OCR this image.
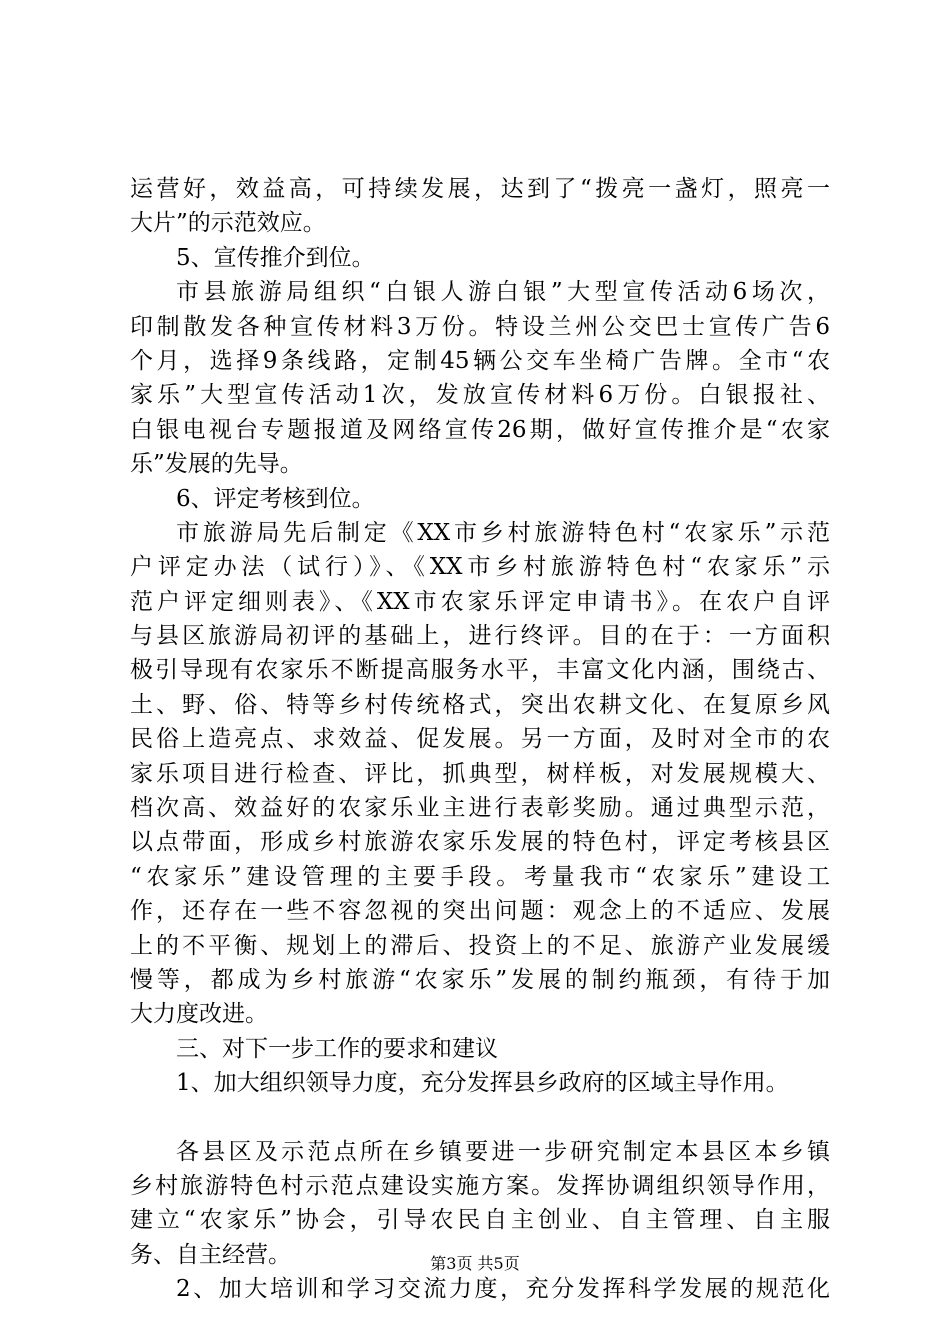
运营好，效益高，可持续发展，达到了“拨亮一盏灯，照亮一
大片”的示范效应。
5、宣传推介到位。
市县旅游局组织“白银人游白银”大型宣传活动6场次，
印制散发各种宣传材料3万份。特设兰州公交巴士宣传广告6
个月，选择9条线路，定制45辆公交车坐椅广告牌。全市“农
家乐”大型宣传活动1次，发放宣传材料6万份。白银报社、
白银电视台专题报道及网络宣传26期，做好宣传推介是“农家
乐”发展的先导。
6、评定考核到位。
市旅游局先后制定《XX市乡村旅游特色村“农家乐”示范
户评定办法（试行）》、《XX市乡村旅游特色村“农家乐”示
范户评定细则表》、《XX市农家乐评定申请书》。在农户自评
与县区旅游局初评的基础上，进行终评。目的在于：一方面积
极引导现有农家乐不断提高服务水平，丰富文化内涵，围绕古、
土、野、俗、特等乡村传统格式，突出农耕文化、在复原乡风
民俗上造亮点、求效益、促发展。另一方面，及时对全市的农
家乐项目进行检查、评比，抓典型，树样板，对发展规模大、
档次高、效益好的农家乐业主进行表彰奖励。通过典型示范，
以点带面，形成乡村旅游农家乐发展的特色村，评定考核县区
“农家乐”建设管理的主要手段。考量我市“农家乐”建设工
作，还存在一些不容忽视的突出问题：观念上的不适应、发展
上的不平衡、规划上的滞后、投资上的不足、旅游产业发展缓
慢等，都成为乡村旅游“农家乐”发展的制约瓶颈，有待于加
大力度改进。
三、对下一步工作的要求和建议
1、加大组织领导力度，充分发挥县乡政府的区域主导作用。
各县区及示范点所在乡镇要进一步研究制定本县区本乡镇
乡村旅游特色村示范点建设实施方案。发挥协调组织领导作用，
建立“农家乐”协会，引导农民自主创业、自主管理、自主服
务、自主经营。
2、加大培训和学习交流力度，充分发挥科学发展的规范化
第3页 共5页
